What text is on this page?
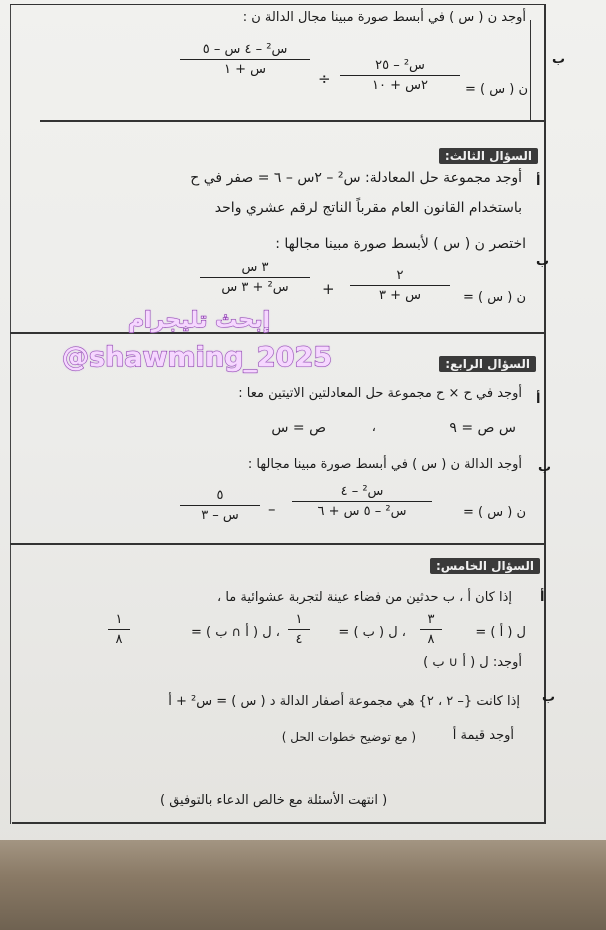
ب
أوجد ن ( س ) في أبسط صورة مبينا مجال الدالة ن :
ن ( س ) =
س² – ٢٥
٢س + ١٠
÷
س² – ٤ س – ٥
س + ١
السؤال الثالث:
أ
أوجد مجموعة حل المعادلة: س² – ٢س – ٦ = صفر في ح
باستخدام القانون العام مقرباً الناتج لرقم عشري واحد
ب
اختصر ن ( س ) لأبسط صورة مبينا مجالها :
ن ( س ) =
٢
س + ٣
+
٣ س
س² + ٣ س
إبحث تليجرام
@shawming_2025	السؤال الرابع:
أ
أوجد في ح × ح مجموعة حل المعادلتين الاتيتين معا :
س ص = ٩
،
ص = س
ب
أوجد الدالة ن ( س ) في أبسط صورة مبينا مجالها :
ن ( س ) =
س² – ٤
س² – ٥ س + ٦
–
٥
س – ٣
السؤال الخامس:
أ
إذا كان أ ، ب حدثين من فضاء عينة لتجربة عشوائية ما ،
ل ( أ ) =
٣
٨
، ل ( ب ) =
١
٤
، ل ( أ ∩ ب ) =
١
٨
أوجد: ل ( أ ∪ ب )
ب
إذا كانت {– ٢ ، ٢} هي مجموعة أصفار الدالة د ( س ) = س² + أ
أوجد قيمة أ
( مع توضيح خطوات الحل )
( انتهت الأسئلة مع خالص الدعاء بالتوفيق )
